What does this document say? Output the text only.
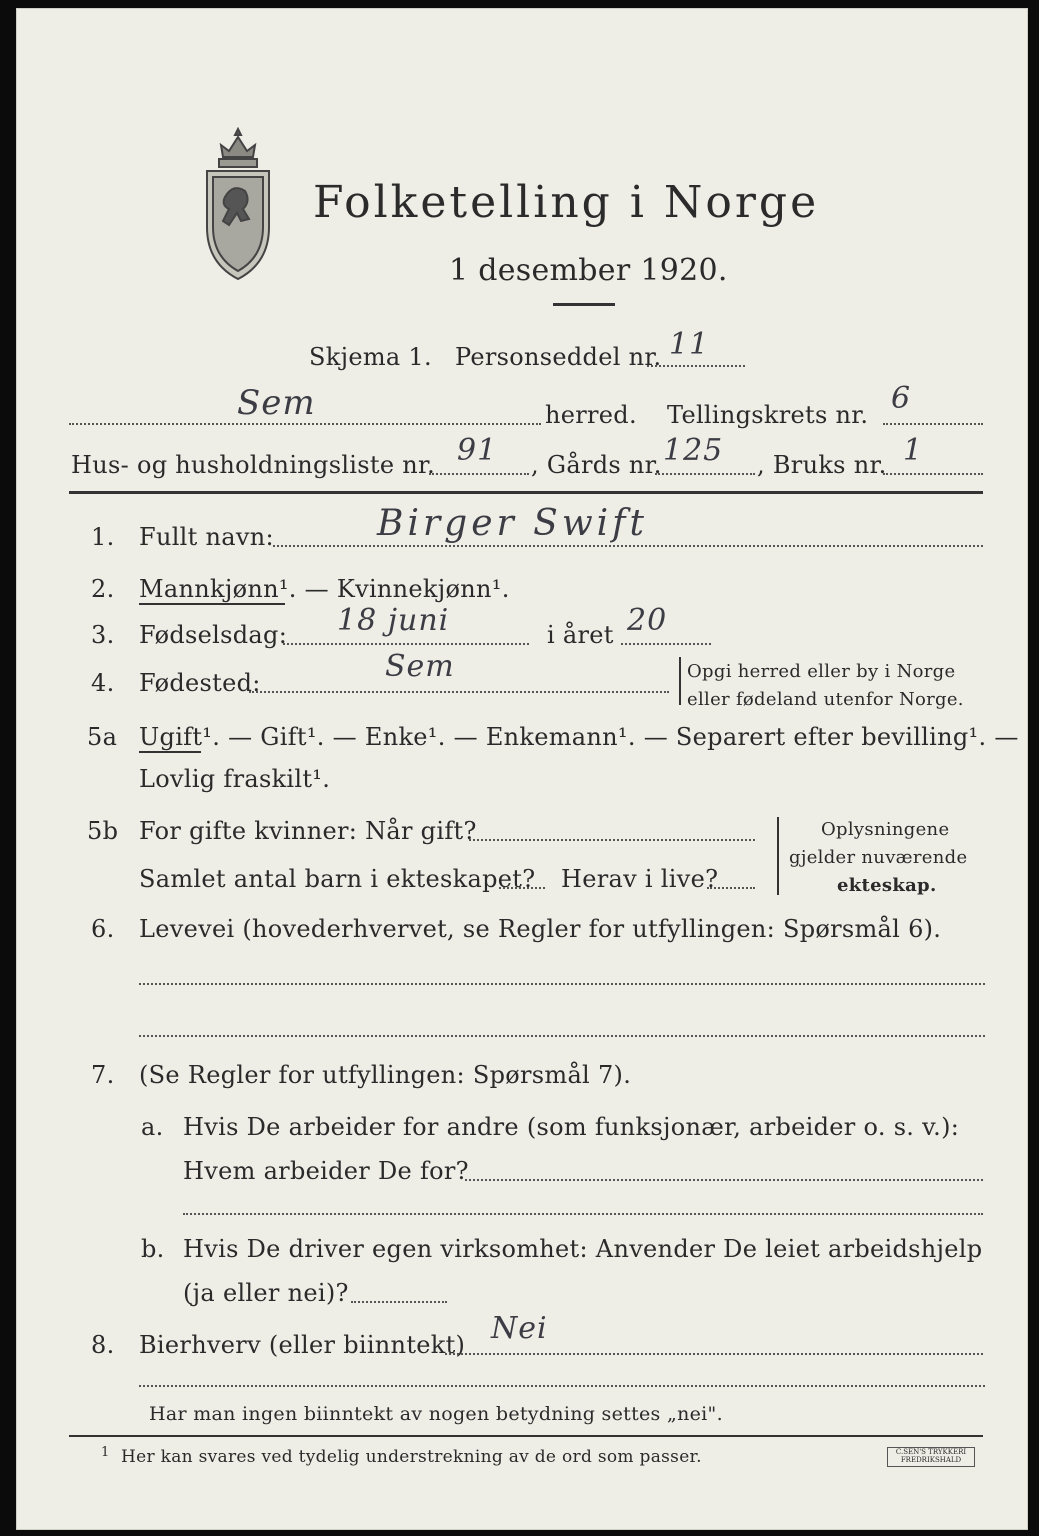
Folketelling i Norge
1 desember 1920.
Skjema 1. Personseddel nr. 11
Sem	herred. Tellingskrets nr. 6
Hus- og husholdningsliste nr. 91 , Gårds nr. 125 , Bruks nr. 1
1. Fullt navn:	Birger Swift
2. Mannkjønn¹. — Kvinnekjønn¹.
3. Fødselsdag: 18 juni	i året 20
4. Fødested:	Sem	Opgi herred eller by i Norge
eller fødeland utenfor Norge.
5a Ugift¹. — Gift¹. — Enke¹. — Enkemann¹. — Separert efter bevilling¹. —
Lovlig fraskilt¹.
5b For gifte kvinner: Når gift?
Samlet antal barn i ekteskapet? Herav i live?
Oplysningene
gjelder nuværende
ekteskap.
6. Levevei (hovederhvervet, se Regler for utfyllingen: Spørsmål 6).
7. (Se Regler for utfyllingen: Spørsmål 7).
a. Hvis De arbeider for andre (som funksjonær, arbeider o. s. v.):
Hvem arbeider De for?
b. Hvis De driver egen virksomhet: Anvender De leiet arbeidshjelp
(ja eller nei)?
8. Bierhverv (eller biinntekt) Nei
Har man ingen biinntekt av nogen betydning settes „nei".
1 Her kan svares ved tydelig understrekning av de ord som passer.	C.SEN'S TRYKKERI FREDRIKSHALD
